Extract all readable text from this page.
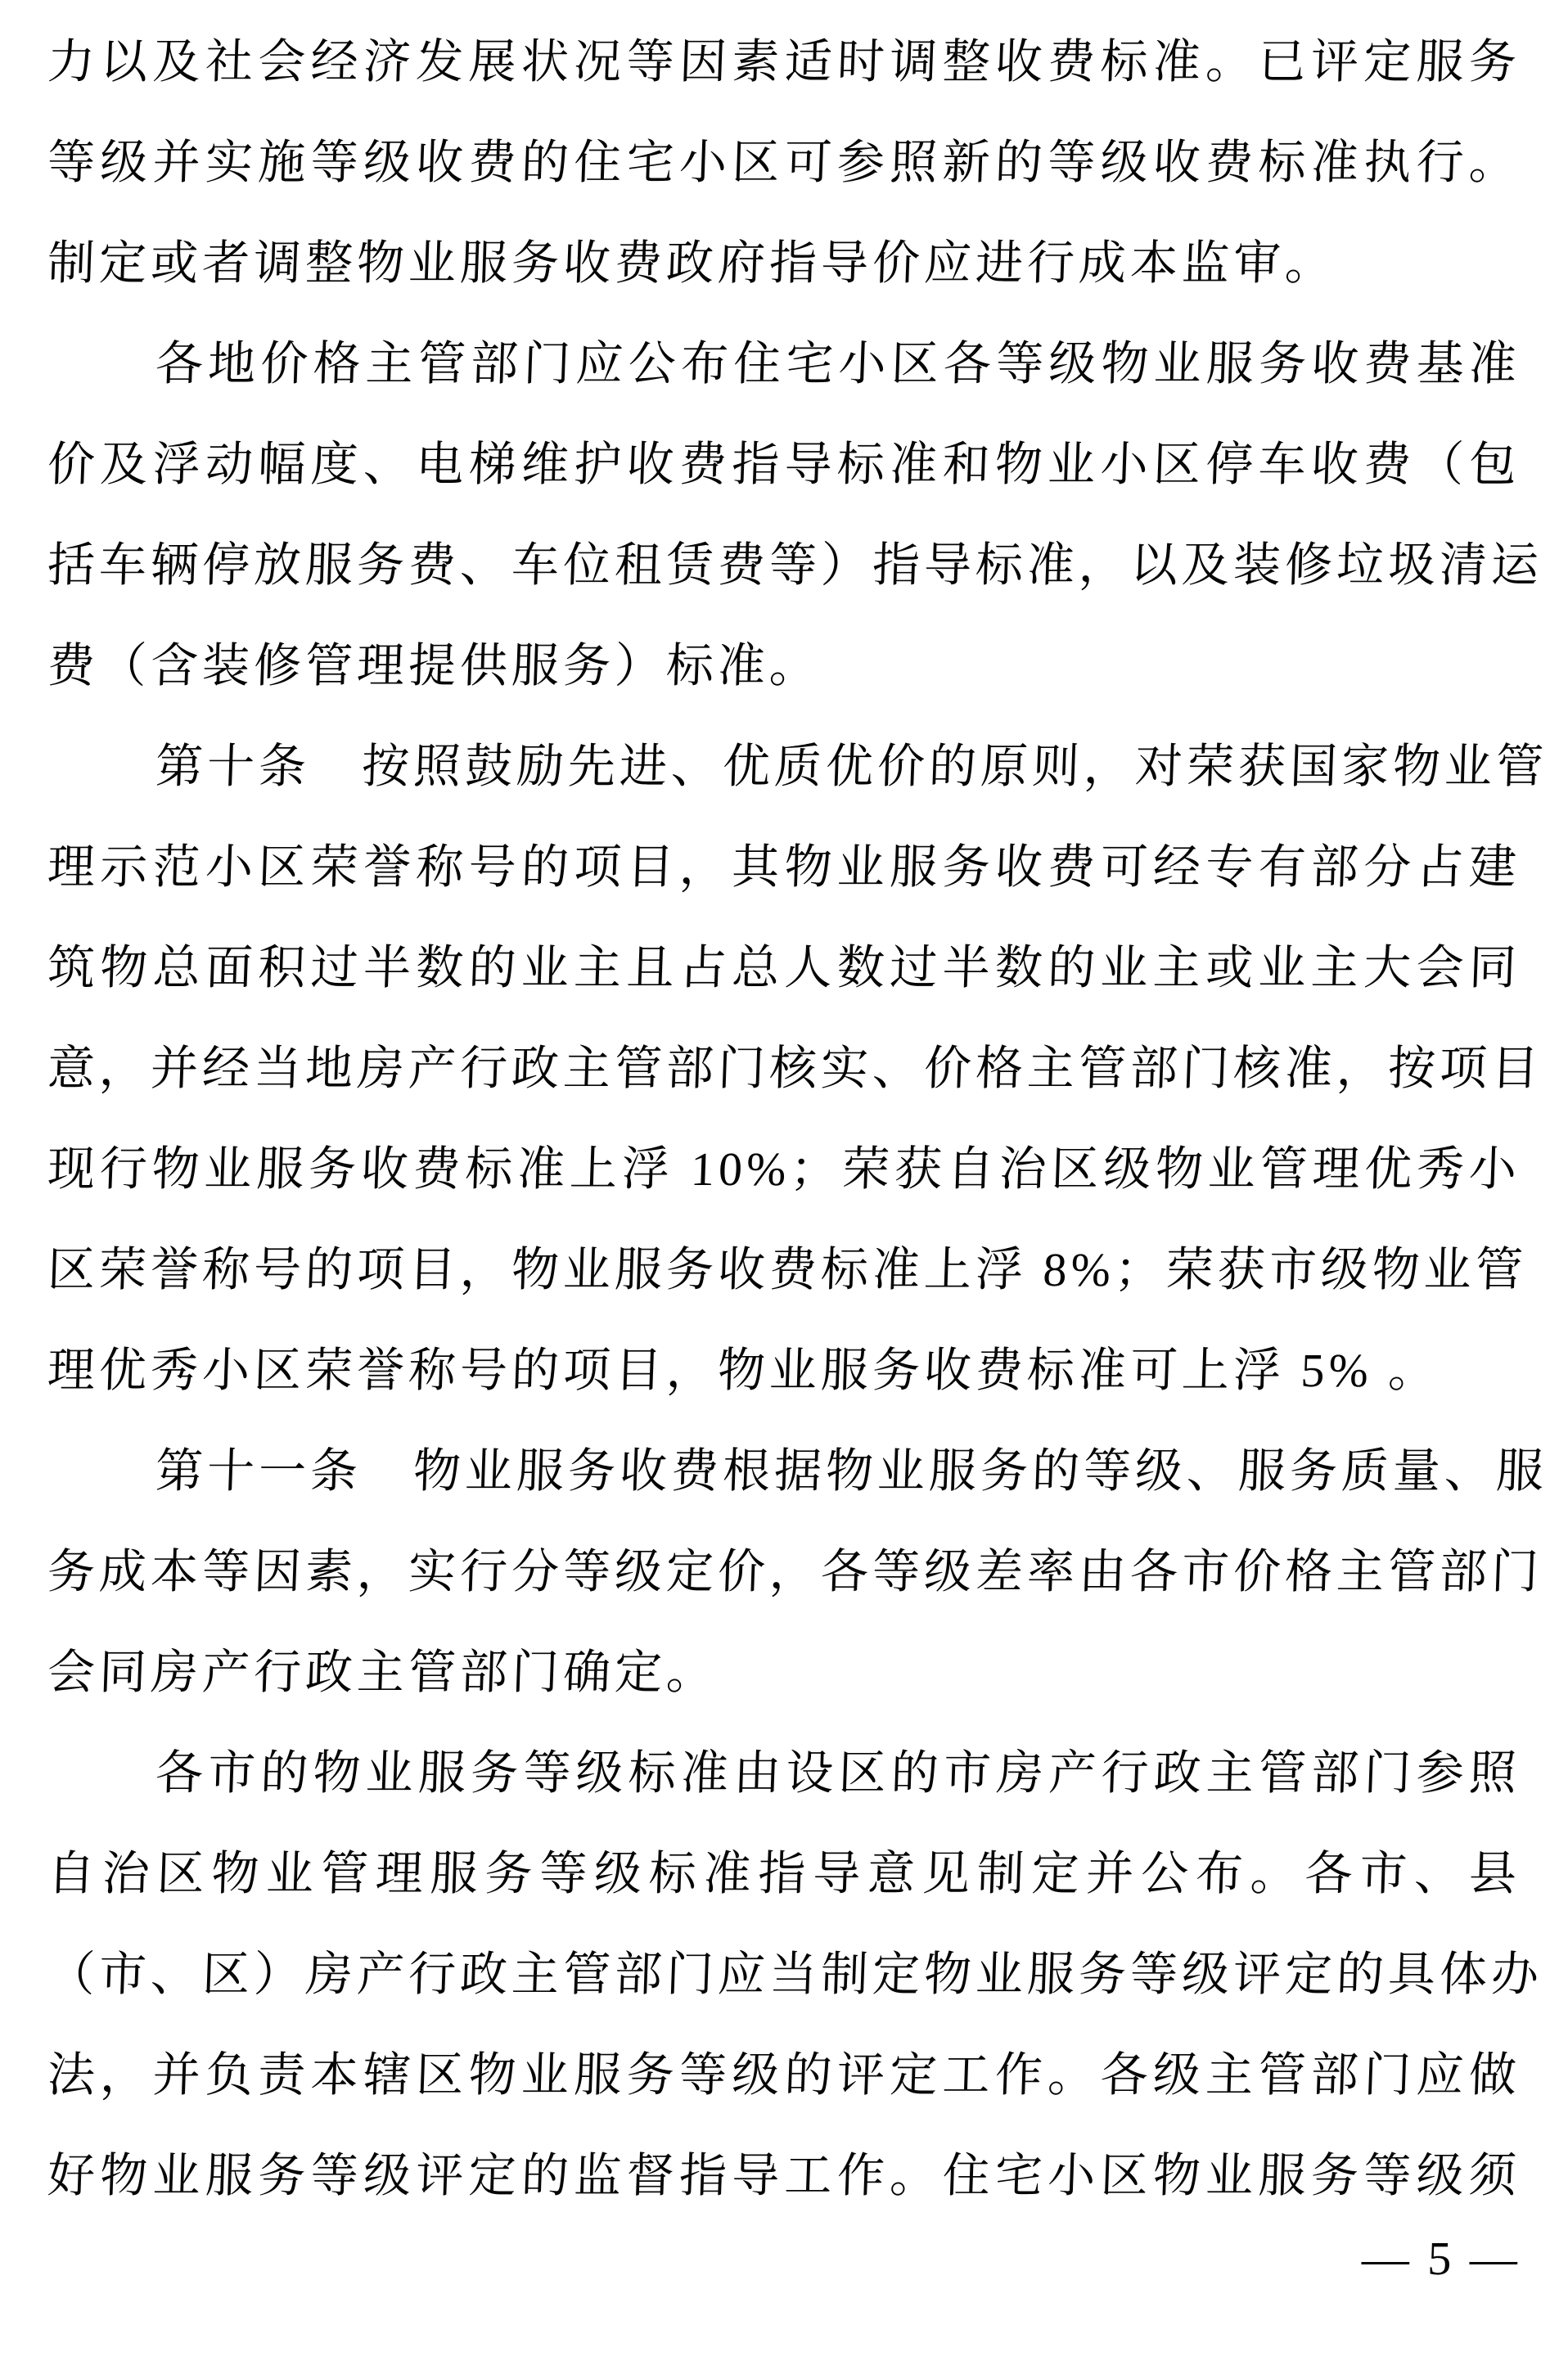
力以及社会经济发展状况等因素适时调整收费标准。已评定服务
等级并实施等级收费的住宅小区可参照新的等级收费标准执行。
制定或者调整物业服务收费政府指导价应进行成本监审。
各地价格主管部门应公布住宅小区各等级物业服务收费基准
价及浮动幅度、电梯维护收费指导标准和物业小区停车收费（包
括车辆停放服务费、车位租赁费等）指导标准，以及装修垃圾清运
费（含装修管理提供服务）标准。
第十条　按照鼓励先进、优质优价的原则，对荣获国家物业管
理示范小区荣誉称号的项目，其物业服务收费可经专有部分占建
筑物总面积过半数的业主且占总人数过半数的业主或业主大会同
意，并经当地房产行政主管部门核实、价格主管部门核准，按项目
现行物业服务收费标准上浮 10%；荣获自治区级物业管理优秀小
区荣誉称号的项目，物业服务收费标准上浮 8%；荣获市级物业管
理优秀小区荣誉称号的项目，物业服务收费标准可上浮 5% 。
第十一条　物业服务收费根据物业服务的等级、服务质量、服
务成本等因素，实行分等级定价，各等级差率由各市价格主管部门
会同房产行政主管部门确定。
各市的物业服务等级标准由设区的市房产行政主管部门参照
自治区物业管理服务等级标准指导意见制定并公布。各市、县
（市、区）房产行政主管部门应当制定物业服务等级评定的具体办
法，并负责本辖区物业服务等级的评定工作。各级主管部门应做
好物业服务等级评定的监督指导工作。住宅小区物业服务等级须
— 5 —
